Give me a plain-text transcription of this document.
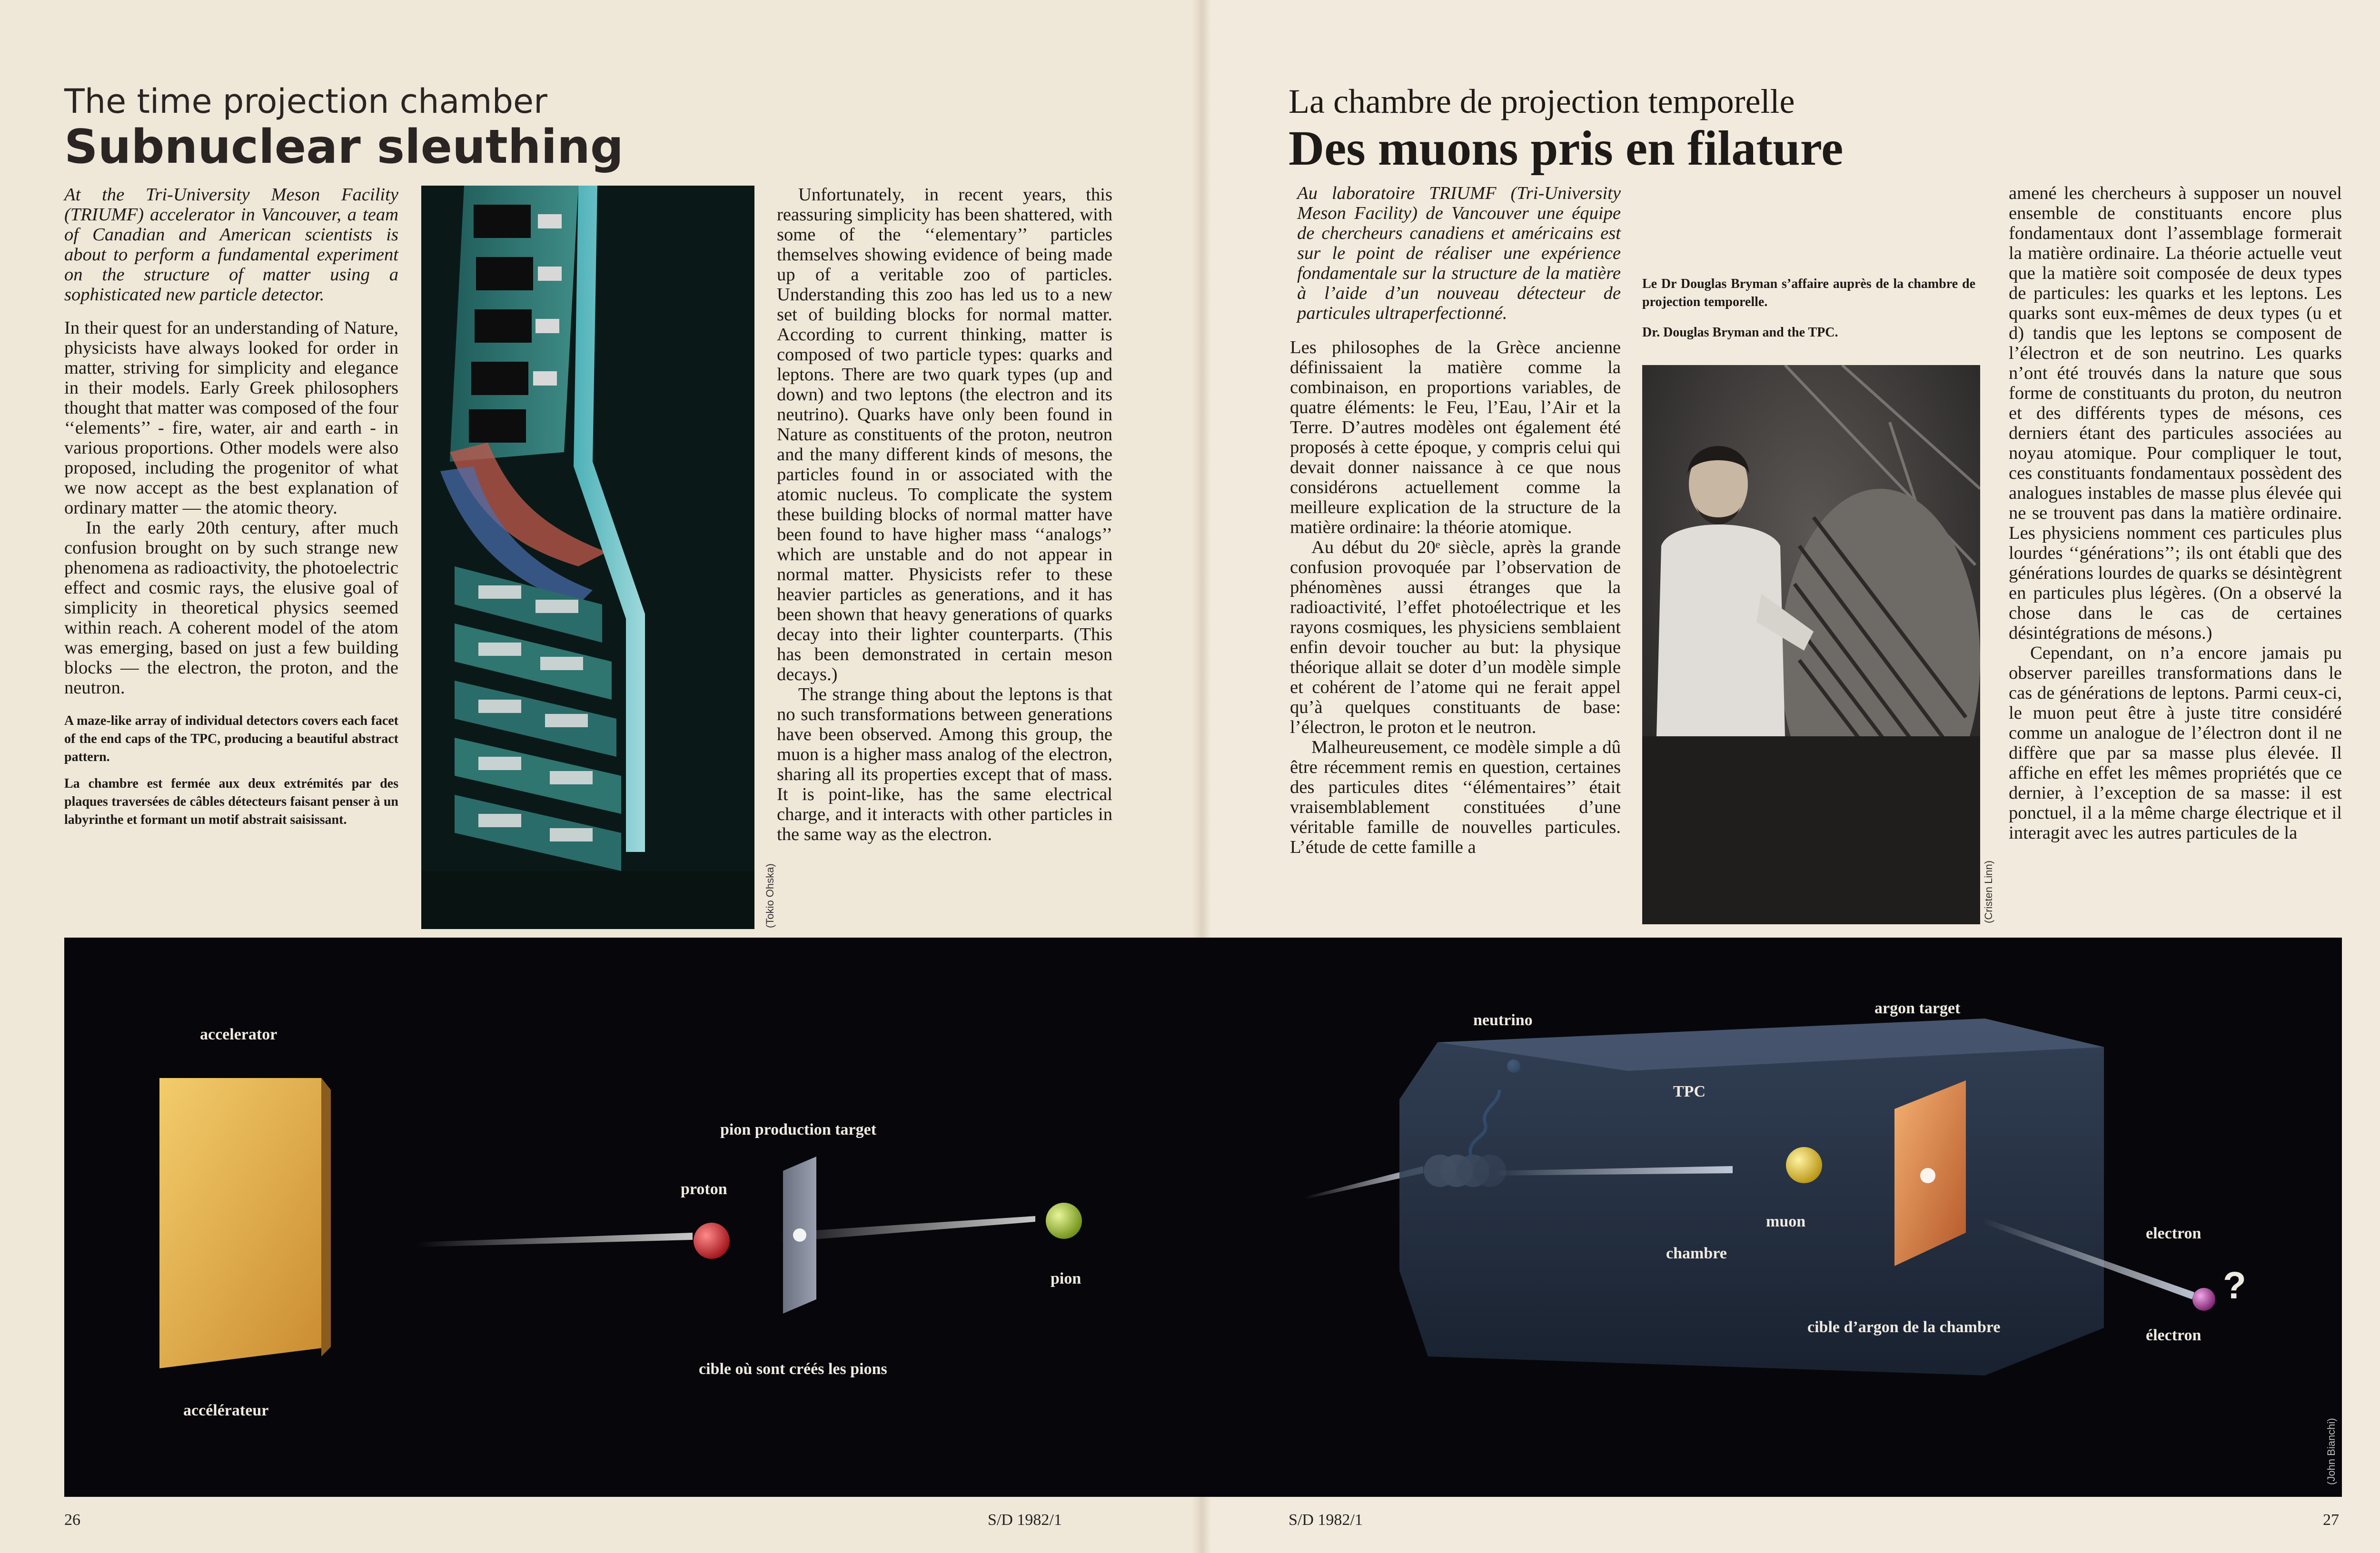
The time projection chamber
Subnuclear sleuthing
At the Tri-University Meson Facility (TRIUMF) accelerator in Vancouver, a team of Canadian and American scientists is about to perform a fundamental experiment on the structure of matter using a sophisticated new particle detector.

In their quest for an understanding of Nature, physicists have always looked for order in matter, striving for simplicity and elegance in their models. Early Greek philosophers thought that matter was composed of the four ‘‘elements’’ - fire, water, air and earth - in various proportions. Other models were also proposed, including the progenitor of what we now accept as the best explanation of ordinary matter — the atomic theory.

In the early 20th century, after much confusion brought on by such strange new phenomena as radioactivity, the photoelectric effect and cosmic rays, the elusive goal of simplicity in theoretical physics seemed within reach. A coherent model of the atom was emerging, based on just a few building blocks — the electron, the proton, and the neutron.

A maze-like array of individual detectors covers each facet of the end caps of the TPC, producing a beautiful abstract pattern.
La chambre est fermée aux deux extrémités par des plaques traversées de câbles détecteurs faisant penser à un labyrinthe et formant un motif abstrait saisissant.
(Tokio Ohska)

Unfortunately, in recent years, this reassuring simplicity has been shattered, with some of the ‘‘elementary’’ particles themselves showing evidence of being made up of a veritable zoo of particles. Understanding this zoo has led us to a new set of building blocks for normal matter. According to current thinking, matter is composed of two particle types: quarks and leptons. There are two quark types (up and down) and two leptons (the electron and its neutrino). Quarks have only been found in Nature as constituents of the proton, neutron and the many different kinds of mesons, the particles found in or associated with the atomic nucleus. To complicate the system these building blocks of normal matter have been found to have higher mass ‘‘analogs’’ which are unstable and do not appear in normal matter. Physicists refer to these heavier particles as generations, and it has been shown that heavy generations of quarks decay into their lighter counterparts. (This has been demonstrated in certain meson decays.)

The strange thing about the leptons is that no such transformations between generations have been observed. Among this group, the muon is a higher mass analog of the electron, sharing all its properties except that of mass. It is point-like, has the same electrical charge, and it interacts with other particles in the same way as the electron.

26	S/D 1982/1
La chambre de projection temporelle
Des muons pris en filature
Au laboratoire TRIUMF (Tri-University Meson Facility) de Vancouver une équipe de chercheurs canadiens et américains est sur le point de réaliser une expérience fondamentale sur la structure de la matière à l’aide d’un nouveau détecteur de particules ultraperfectionné.

Les philosophes de la Grèce ancienne définissaient la matière comme la combinaison, en proportions variables, de quatre éléments: le Feu, l’Eau, l’Air et la Terre. D’autres modèles ont également été proposés à cette époque, y compris celui qui devait donner naissance à ce que nous considérons actuellement comme la meilleure explication de la structure de la matière ordinaire: la théorie atomique.

Au début du 20ᵉ siècle, après la grande confusion provoquée par l’observation de phénomènes aussi étranges que la radioactivité, l’effet photoélectrique et les rayons cosmiques, les physiciens semblaient enfin devoir toucher au but: la physique théorique allait se doter d’un modèle simple et cohérent de l’atome qui ne ferait appel qu’à quelques constituants de base: l’électron, le proton et le neutron.

Malheureusement, ce modèle simple a dû être récemment remis en question, certaines des particules dites ‘‘élémentaires’’ était vraisemblablement constituées d’une véritable famille de nouvelles particules. L’étude de cette famille a

Le Dr Douglas Bryman s’affaire auprès de la chambre de projection temporelle.
Dr. Douglas Bryman and the TPC.
(Cristen Linn)

amené les chercheurs à supposer un nouvel ensemble de constituants encore plus fondamentaux dont l’assemblage formerait la matière ordinaire. La théorie actuelle veut que la matière soit composée de deux types de particules: les quarks et les leptons. Les quarks sont eux-mêmes de deux types (u et d) tandis que les leptons se composent de l’électron et de son neutrino. Les quarks n’ont été trouvés dans la nature que sous forme de constituants du proton, du neutron et des différents types de mésons, ces derniers étant des particules associées au noyau atomique. Pour compliquer le tout, ces constituants fondamentaux possèdent des analogues instables de masse plus élevée qui ne se trouvent pas dans la matière ordinaire. Les physiciens nomment ces particules plus lourdes ‘‘générations’’; ils ont établi que des générations lourdes de quarks se désintègrent en particules plus légères. (On a observé la chose dans le cas de certaines désintégrations de mésons.)

Cependant, on n’a encore jamais pu observer pareilles transformations dans le cas de générations de leptons. Parmi ceux-ci, le muon peut être à juste titre considéré comme un analogue de l’électron dont il ne diffère que par sa masse plus élevée. Il affiche en effet les mêmes propriétés que ce dernier, à l’exception de sa masse: il est ponctuel, il a la même charge électrique et il interagit avec les autres particules de la

S/D 1982/1	27
accelerator
accélérateur
pion production target
proton
pion
cible où sont créés les pions
neutrino
argon target
TPC
muon
chambre
cible d’argon de la chambre
electron
électron
?
(John Bianchi)
